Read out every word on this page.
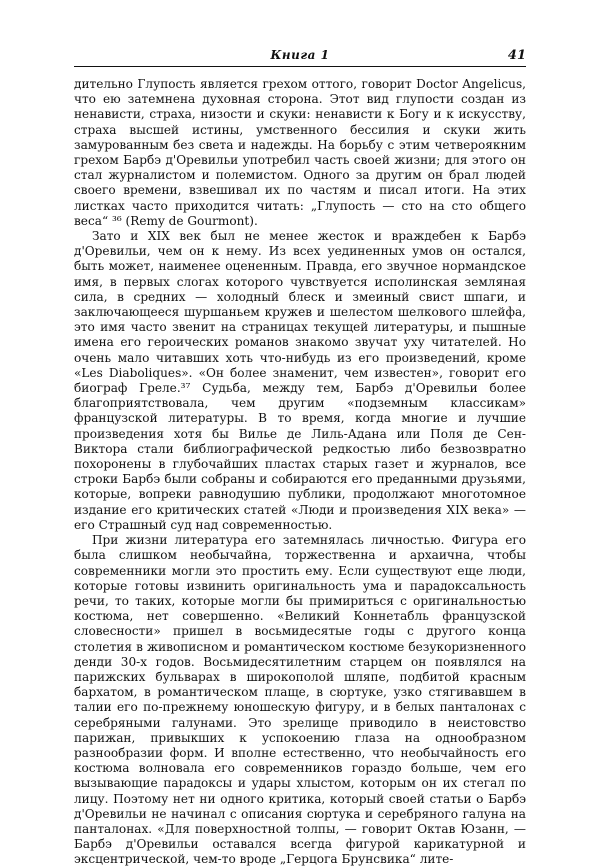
Книга 1	41

дительно Глупость является грехом оттого, говорит Doctor Angelicus, что ею затемнена духовная сторона. Этот вид глупости создан из ненависти, страха, низости и скуки: ненависти к Богу и к искусству, страха высшей истины, умственного бессилия и скуки жить замурованным без света и надежды. На борьбу с этим четвероякним грехом Барбэ д'Оревильи употребил часть своей жизни; для этого он стал журналистом и полемистом. Одного за другим он брал людей своего времени, взвешивал их по частям и писал итоги. На этих листках часто приходится читать: „Глупость — сто на сто общего веса“ ³⁶ (Remy de Gourmont).

Зато и XIX век был не менее жесток и враждебен к Барбэ д'Оревильи, чем он к нему. Из всех уединенных умов он остался, быть может, наименее оцененным. Правда, его звучное нормандское имя, в первых слогах которого чувствуется исполинская земляная сила, в средних — холодный блеск и змеиный свист шпаги, и заключающееся шуршаньем кружев и шелестом шелкового шлейфа, это имя часто звенит на страницах текущей литературы, и пышные имена его героических романов знакомо звучат уху читателей. Но очень мало читавших хоть что-нибудь из его произведений, кроме «Les Diaboliques». «Он более знаменит, чем известен», говорит его биограф Греле.³⁷ Судьба, между тем, Барбэ д'Оревильи более благоприятствовала, чем другим «подземным классикам» французской литературы. В то время, когда многие и лучшие произведения хотя бы Вилье де Лиль-Адана или Поля де Сен-Виктора стали библиографической редкостью либо безвозвратно похоронены в глубочайших пластах старых газет и журналов, все строки Барбэ были собраны и собираются его преданными друзьями, которые, вопреки равнодушию публики, продолжают многотомное издание его критических статей «Люди и произведения XIX века» — его Страшный суд над современностью.

При жизни литература его затемнялась личностью. Фигура его была слишком необычайна, торжественна и архаична, чтобы современники могли это простить ему. Если существуют еще люди, которые готовы извинить оригинальность ума и парадоксальность речи, то таких, которые могли бы примириться с оригинальностью костюма, нет совершенно. «Великий Коннетабль французской словесности» пришел в восьмидесятые годы с другого конца столетия в живописном и романтическом костюме безукоризненного денди 30-х годов. Восьмидесятилетним старцем он появлялся на парижских бульварах в широкополой шляпе, подбитой красным бархатом, в романтическом плаще, в сюртуке, узко стягивавшем в талии его по-прежнему юношескую фигуру, и в белых панталонах с серебряными галунами. Это зрелище приводило в неистовство парижан, привыкших к успокоению глаза на однообразном разнообразии форм. И вполне естественно, что необычайность его костюма волновала его современников гораздо больше, чем его вызывающие парадоксы и удары хлыстом, которым он их стегал по лицу. Поэтому нет ни одного критика, который своей статьи о Барбэ д'Оревильи не начинал с описания сюртука и серебряного галуна на панталонах. «Для поверхностной толпы, — говорит Октав Юзанн, — Барбэ д'Оревильи оставался всегда фигурой карикатурной и эксцентрической, чем-то вроде „Герцога Брунсвика“ лите-
